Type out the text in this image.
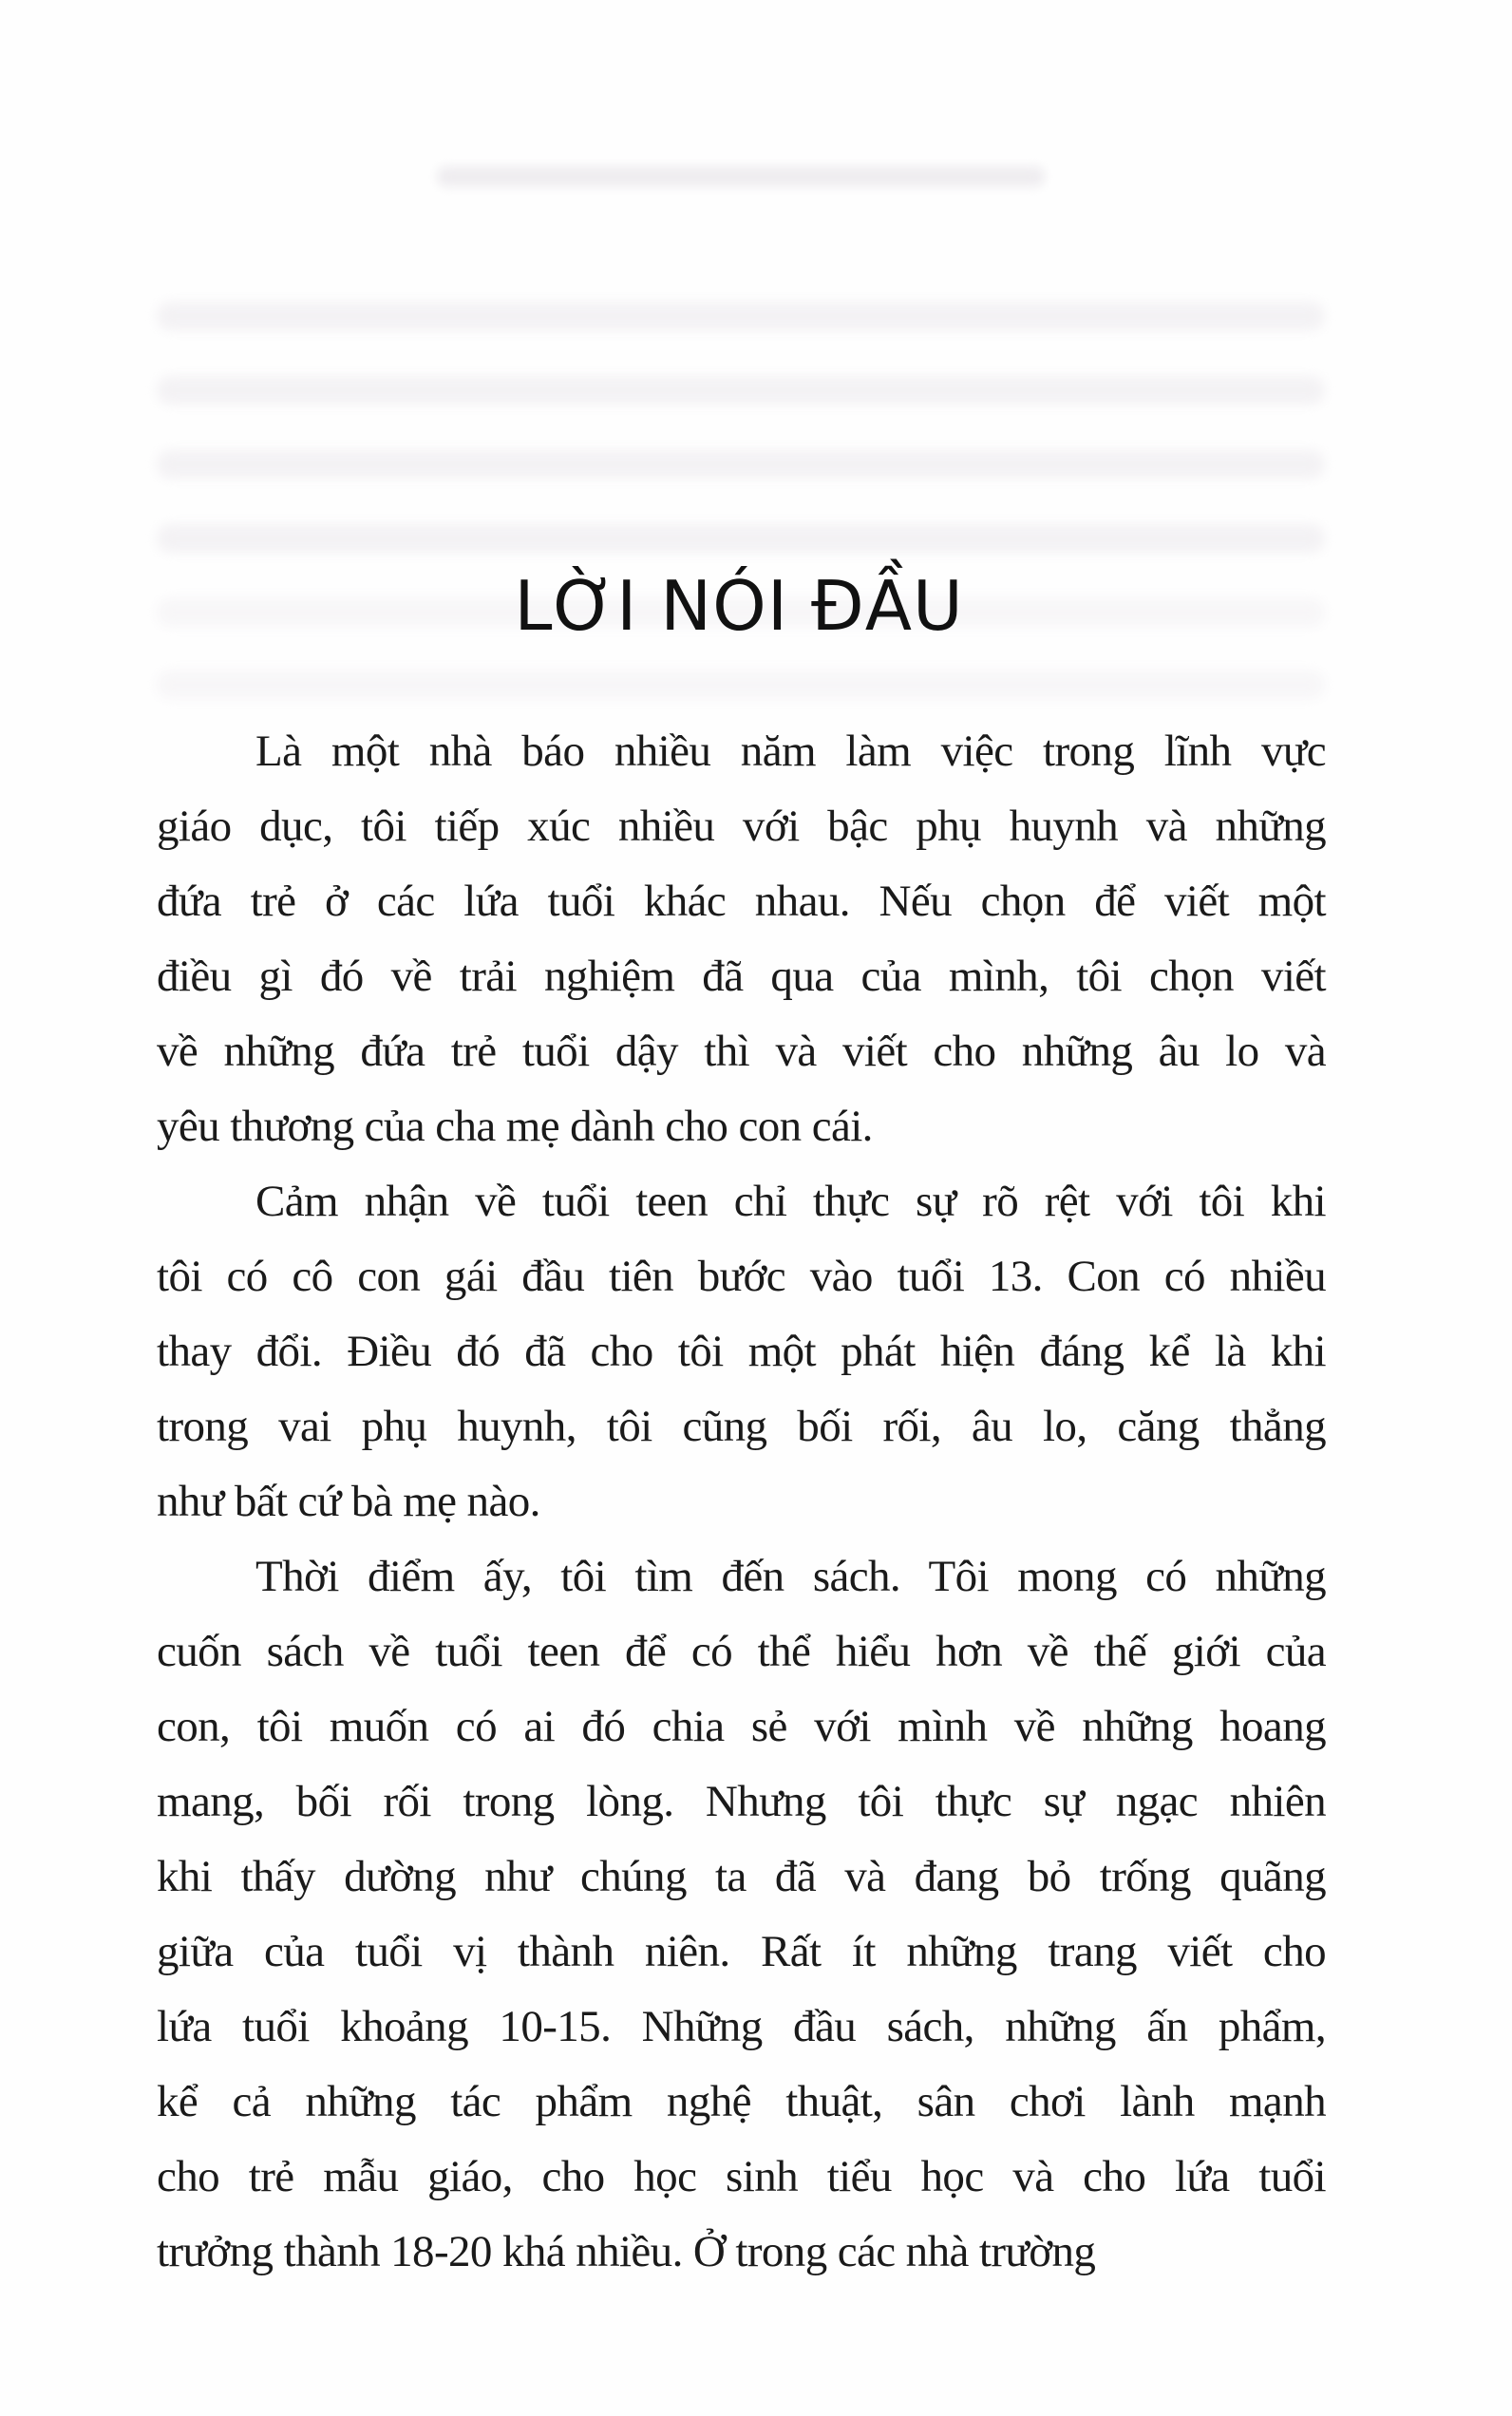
LỜI NÓI ĐẦU
Là một nhà báo nhiều năm làm việc trong lĩnh vực
giáo dục, tôi tiếp xúc nhiều với bậc phụ huynh và những
đứa trẻ ở các lứa tuổi khác nhau. Nếu chọn để viết một
điều gì đó về trải nghiệm đã qua của mình, tôi chọn viết
về những đứa trẻ tuổi dậy thì và viết cho những âu lo và
yêu thương của cha mẹ dành cho con cái.
Cảm nhận về tuổi teen chỉ thực sự rõ rệt với tôi khi
tôi có cô con gái đầu tiên bước vào tuổi 13. Con có nhiều
thay đổi. Điều đó đã cho tôi một phát hiện đáng kể là khi
trong vai phụ huynh, tôi cũng bối rối, âu lo, căng thẳng
như bất cứ bà mẹ nào.
Thời điểm ấy, tôi tìm đến sách. Tôi mong có những
cuốn sách về tuổi teen để có thể hiểu hơn về thế giới của
con, tôi muốn có ai đó chia sẻ với mình về những hoang
mang, bối rối trong lòng. Nhưng tôi thực sự ngạc nhiên
khi thấy dường như chúng ta đã và đang bỏ trống quãng
giữa của tuổi vị thành niên. Rất ít những trang viết cho
lứa tuổi khoảng 10-15. Những đầu sách, những ấn phẩm,
kể cả những tác phẩm nghệ thuật, sân chơi lành mạnh
cho trẻ mẫu giáo, cho học sinh tiểu học và cho lứa tuổi
trưởng thành 18-20 khá nhiều. Ở trong các nhà trường
